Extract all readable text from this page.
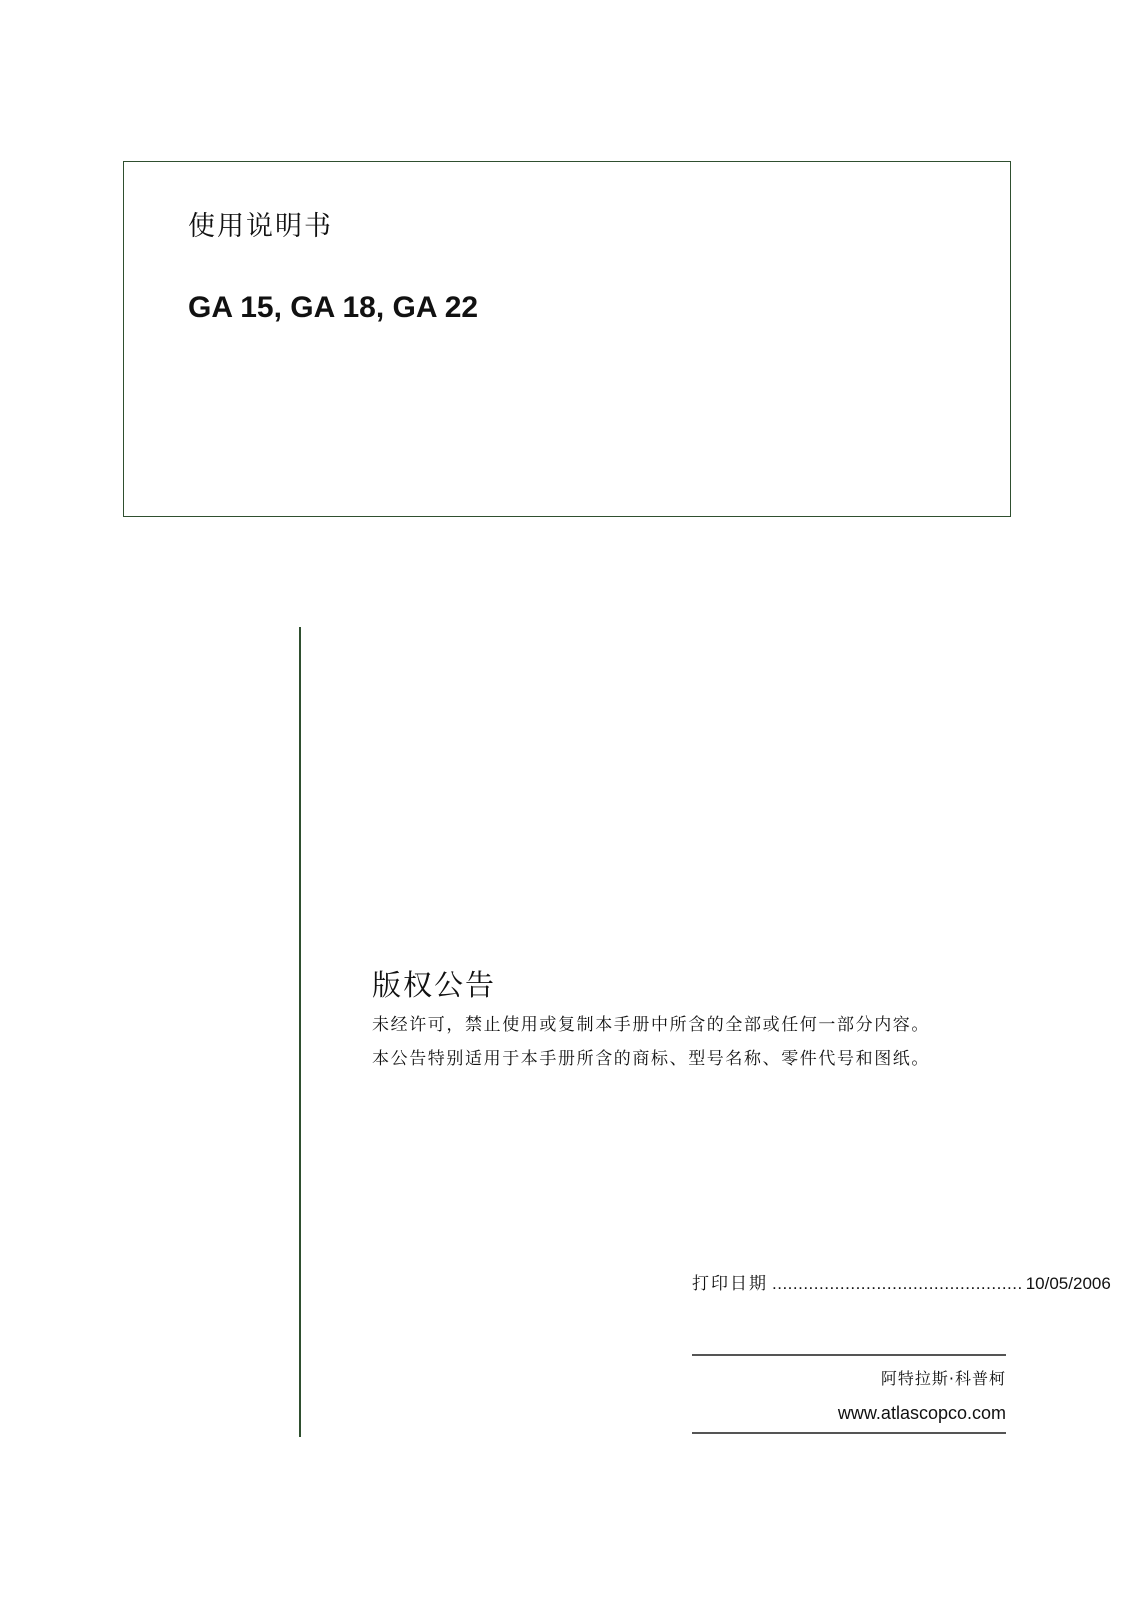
使用说明书
GA 15, GA 18, GA 22
版权公告
未经许可，禁止使用或复制本手册中所含的全部或任何一部分内容。
本公告特别适用于本手册所含的商标、型号名称、零件代号和图纸。
打印日期 ................................................ 10/05/2006
阿特拉斯·科普柯
www.atlascopco.com
